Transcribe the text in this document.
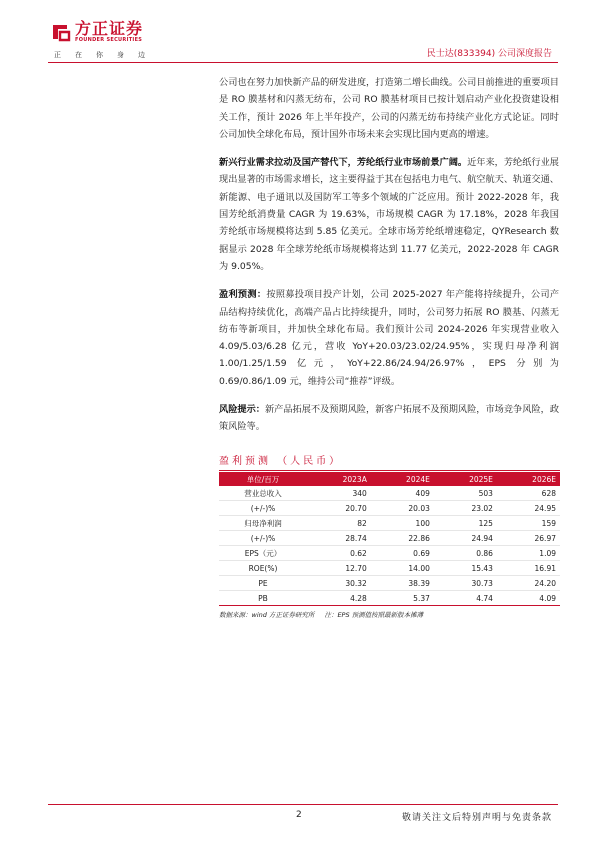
方正证券
FOUNDER SECURITIES
正 在 你 身 边	民士达(833394) 公司深度报告

公司也在努力加快新产品的研发进度，打造第二增长曲线。公司目前推进的重要项目是 RO 膜基材和闪蒸无纺布，公司 RO 膜基材项目已按计划启动产业化投资建设相关工作，预计 2026 年上半年投产，公司的闪蒸无纺布持续产业化方式论证。同时公司加快全球化布局，预计国外市场未来会实现比国内更高的增速。

新兴行业需求拉动及国产替代下，芳纶纸行业市场前景广阔。近年来，芳纶纸行业展现出显著的市场需求增长，这主要得益于其在包括电力电气、航空航天、轨道交通、新能源、电子通讯以及国防军工等多个领域的广泛应用。预计 2022-2028 年，我国芳纶纸消费量 CAGR 为 19.63%，市场规模 CAGR 为 17.18%，2028 年我国芳纶纸市场规模将达到 5.85 亿美元。全球市场芳纶纸增速稳定，QYResearch 数据显示 2028 年全球芳纶纸市场规模将达到 11.77 亿美元，2022-2028 年 CAGR 为 9.05%。

盈利预测：按照募投项目投产计划，公司 2025-2027 年产能将持续提升，公司产品结构持续优化，高端产品占比持续提升，同时，公司努力拓展 RO 膜基、闪蒸无纺布等新项目，并加快全球化布局。我们预计公司 2024-2026 年实现营业收入 4.09/5.03/6.28 亿元，营收 YoY+20.03/23.02/24.95%，实现归母净利润 1.00/1.25/1.59 亿元，YoY+22.86/24.94/26.97%，EPS 分别为 0.69/0.86/1.09 元，维持公司“推荐”评级。

风险提示：新产品拓展不及预期风险，新客户拓展不及预期风险，市场竞争风险，政策风险等。

盈利预测 （人民币）
单位/百万	2023A	2024E	2025E	2026E
营业总收入	340	409	503	628
(+/-)%	20.70	20.03	23.02	24.95
归母净利润	82	100	125	159
(+/-)%	28.74	22.86	24.94	26.97
EPS（元）	0.62	0.69	0.86	1.09
ROE(%)	12.70	14.00	15.43	16.91
PE	30.32	38.39	30.73	24.20
PB	4.28	5.37	4.74	4.09
数据来源：wind 方正证券研究所 注：EPS 预测值按照最新股本摊薄
2	敬请关注文后特别声明与免责条款
